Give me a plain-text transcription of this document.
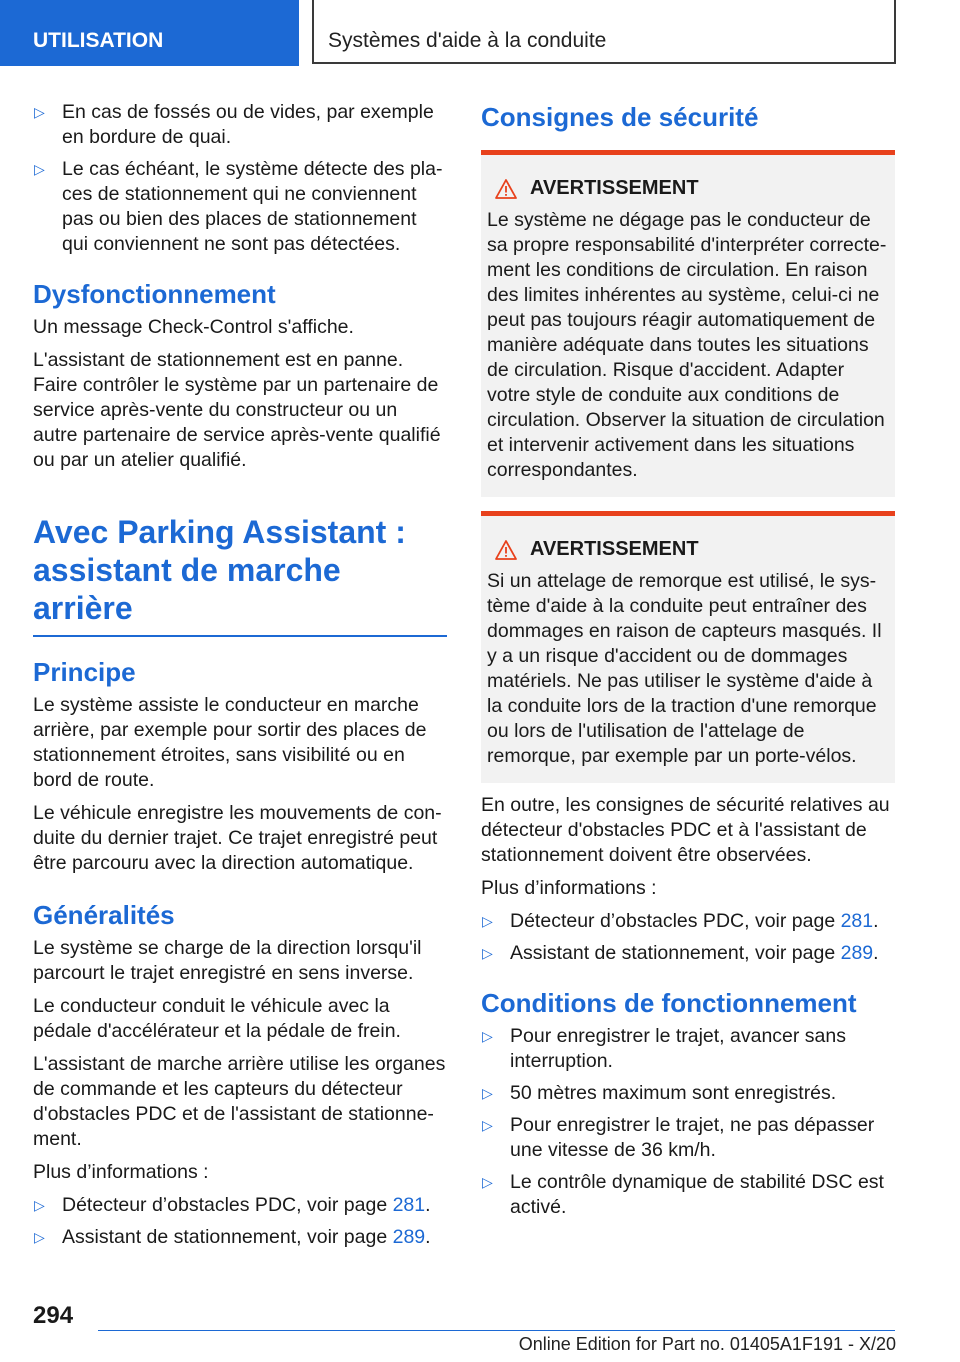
UTILISATION	Systèmes d'aide à la conduite
▷ En cas de fossés ou de vides, par exemple en bordure de quai.
▷ Le cas échéant, le système détecte des places de stationnement qui ne conviennent pas ou bien des places de stationnement qui conviennent ne sont pas détectées.
Dysfonctionnement

Un message Check-Control s'affiche.

L'assistant de stationnement est en panne. Faire contrôler le système par un partenaire de service après-vente du constructeur ou un autre partenaire de service après-vente qualifié ou par un atelier qualifié.

Avec Parking Assistant : assistant de marche arrière
Principe

Le système assiste le conducteur en marche arrière, par exemple pour sortir des places de stationnement étroites, sans visibilité ou en bord de route.

Le véhicule enregistre les mouvements de conduite du dernier trajet. Ce trajet enregistré peut être parcouru avec la direction automatique.

Généralités

Le système se charge de la direction lorsqu'il parcourt le trajet enregistré en sens inverse.

Le conducteur conduit le véhicule avec la pédale d'accélérateur et la pédale de frein.

L'assistant de marche arrière utilise les organes de commande et les capteurs du détecteur d'obstacles PDC et de l'assistant de stationnement.

Plus d’informations :

▷ Détecteur d’obstacles PDC, voir page 281.
▷ Assistant de stationnement, voir page 289.
Consignes de sécurité
AVERTISSEMENT

Le système ne dégage pas le conducteur de sa propre responsabilité d'interpréter correctement les conditions de circulation. En raison des limites inhérentes au système, celui-ci ne peut pas toujours réagir automatiquement de manière adéquate dans toutes les situations de circulation. Risque d'accident. Adapter votre style de conduite aux conditions de circulation. Observer la situation de circulation et intervenir activement dans les situations correspondantes.

AVERTISSEMENT

Si un attelage de remorque est utilisé, le système d'aide à la conduite peut entraîner des dommages en raison de capteurs masqués. Il y a un risque d'accident ou de dommages matériels. Ne pas utiliser le système d'aide à la conduite lors de la traction d'une remorque ou lors de l'utilisation de l'attelage de remorque, par exemple par un porte-vélos.

En outre, les consignes de sécurité relatives au détecteur d'obstacles PDC et à l'assistant de stationnement doivent être observées.

Plus d’informations :

▷ Détecteur d’obstacles PDC, voir page 281.
▷ Assistant de stationnement, voir page 289.
Conditions de fonctionnement
▷ Pour enregistrer le trajet, avancer sans interruption.
▷ 50 mètres maximum sont enregistrés.
▷ Pour enregistrer le trajet, ne pas dépasser une vitesse de 36 km/h.
▷ Le contrôle dynamique de stabilité DSC est activé.
294
Online Edition for Part no. 01405A1F191 - X/20
